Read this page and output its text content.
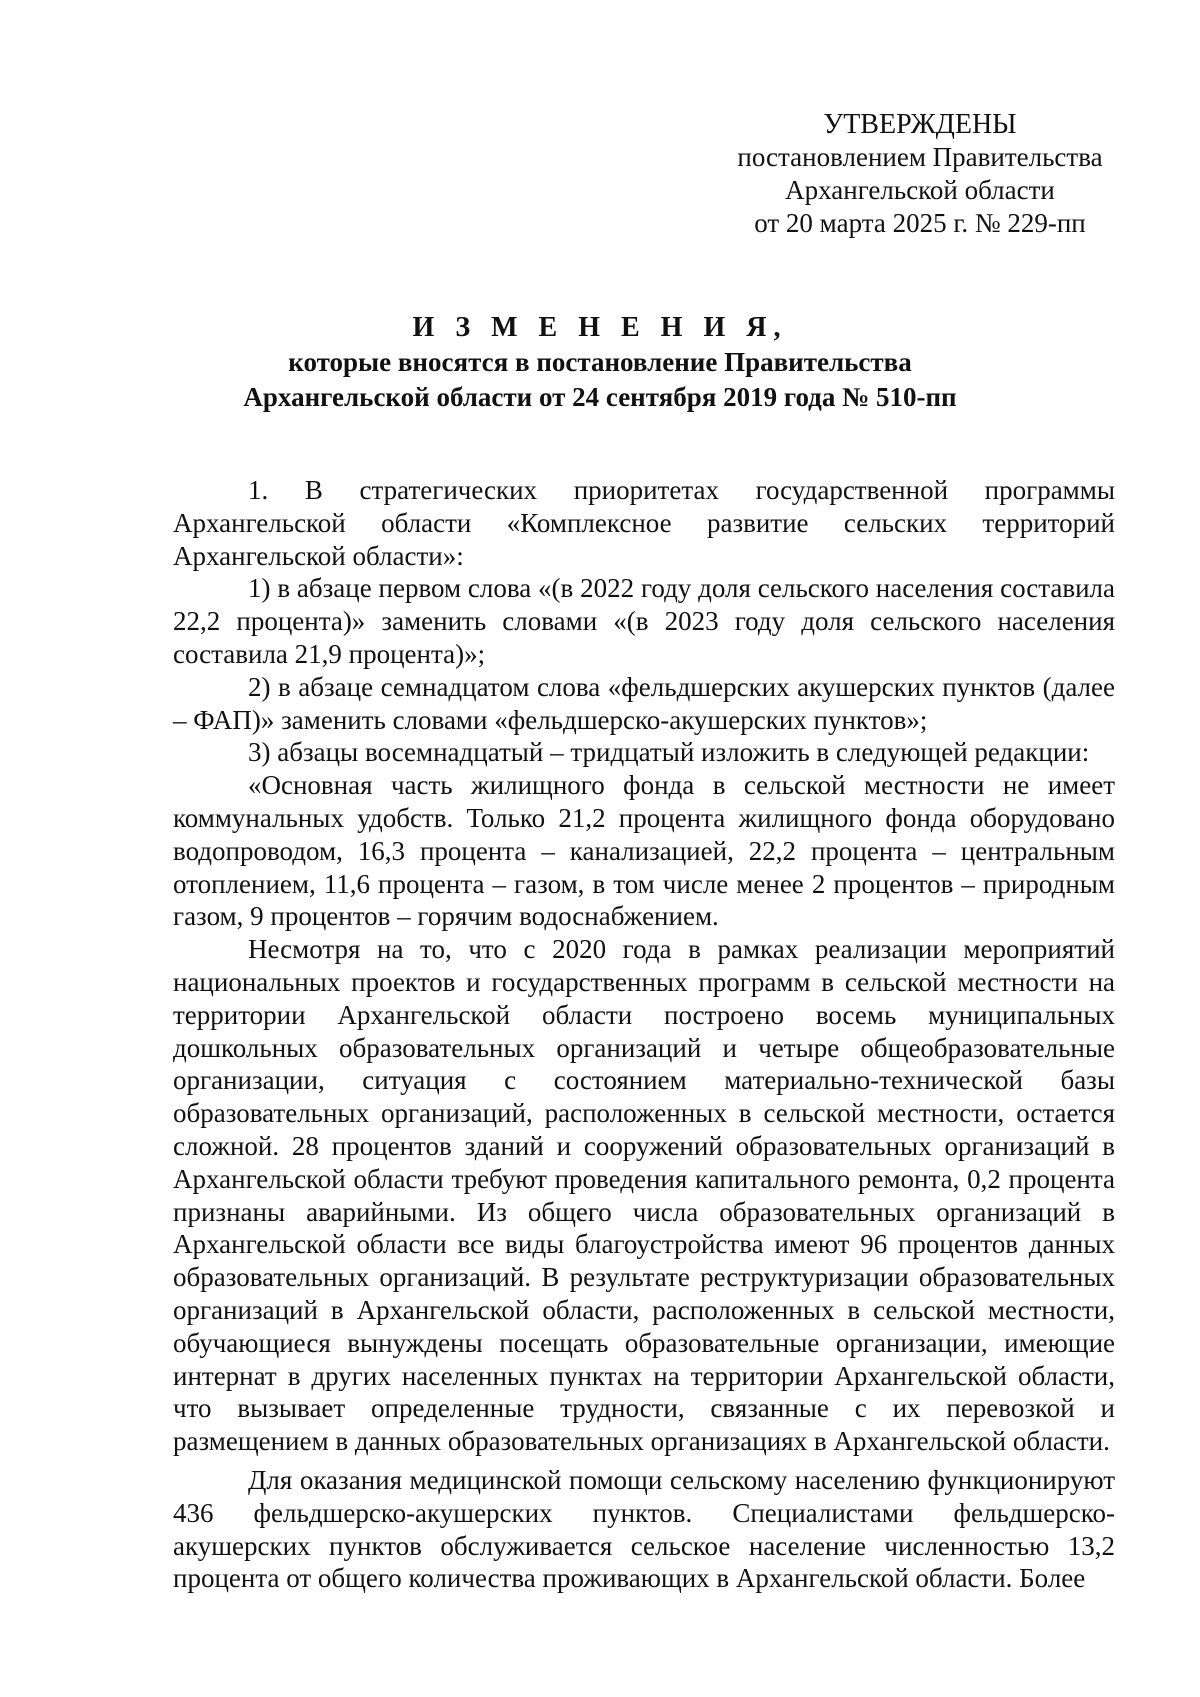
УТВЕРЖДЕНЫ
постановлением Правительства
Архангельской области
от 20 марта 2025 г. № 229-пп
И З М Е Н Е Н И Я,
которые вносятся в постановление Правительства
Архангельской области от 24 сентября 2019 года № 510-пп

1. В стратегических приоритетах государственной программы Архангельской области «Комплексное развитие сельских территорий Архангельской области»:

1) в абзаце первом слова «(в 2022 году доля сельского населения составила 22,2 процента)» заменить словами «(в 2023 году доля сельского населения составила 21,9 процента)»;

2) в абзаце семнадцатом слова «фельдшерских акушерских пунктов (далее – ФАП)» заменить словами «фельдшерско-акушерских пунктов»;

3) абзацы восемнадцатый – тридцатый изложить в следующей редакции:

«Основная часть жилищного фонда в сельской местности не имеет коммунальных удобств. Только 21,2 процента жилищного фонда оборудовано водопроводом, 16,3 процента – канализацией, 22,2 процента – центральным отоплением, 11,6 процента – газом, в том числе менее 2 процентов – природным газом, 9 процентов – горячим водоснабжением.

Несмотря на то, что с 2020 года в рамках реализации мероприятий национальных проектов и государственных программ в сельской местности на территории Архангельской области построено восемь муниципальных дошкольных образовательных организаций и четыре общеобразовательные организации, ситуация с состоянием материально-технической базы образовательных организаций, расположенных в сельской местности, остается сложной. 28 процентов зданий и сооружений образовательных организаций в Архангельской области требуют проведения капитального ремонта, 0,2 процента признаны аварийными. Из общего числа образовательных организаций в Архангельской области все виды благоустройства имеют 96 процентов данных образовательных организаций. В результате реструктуризации образовательных организаций в Архангельской области, расположенных в сельской местности, обучающиеся вынуждены посещать образовательные организации, имеющие интернат в других населенных пунктах на территории Архангельской области, что вызывает определенные трудности, связанные с их перевозкой и размещением в данных образовательных организациях в Архангельской области.

Для оказания медицинской помощи сельскому населению функционируют 436 фельдшерско-акушерских пунктов. Специалистами фельдшерско-акушерских пунктов обслуживается сельское население численностью 13,2 процента от общего количества проживающих в Архангельской области. Более
